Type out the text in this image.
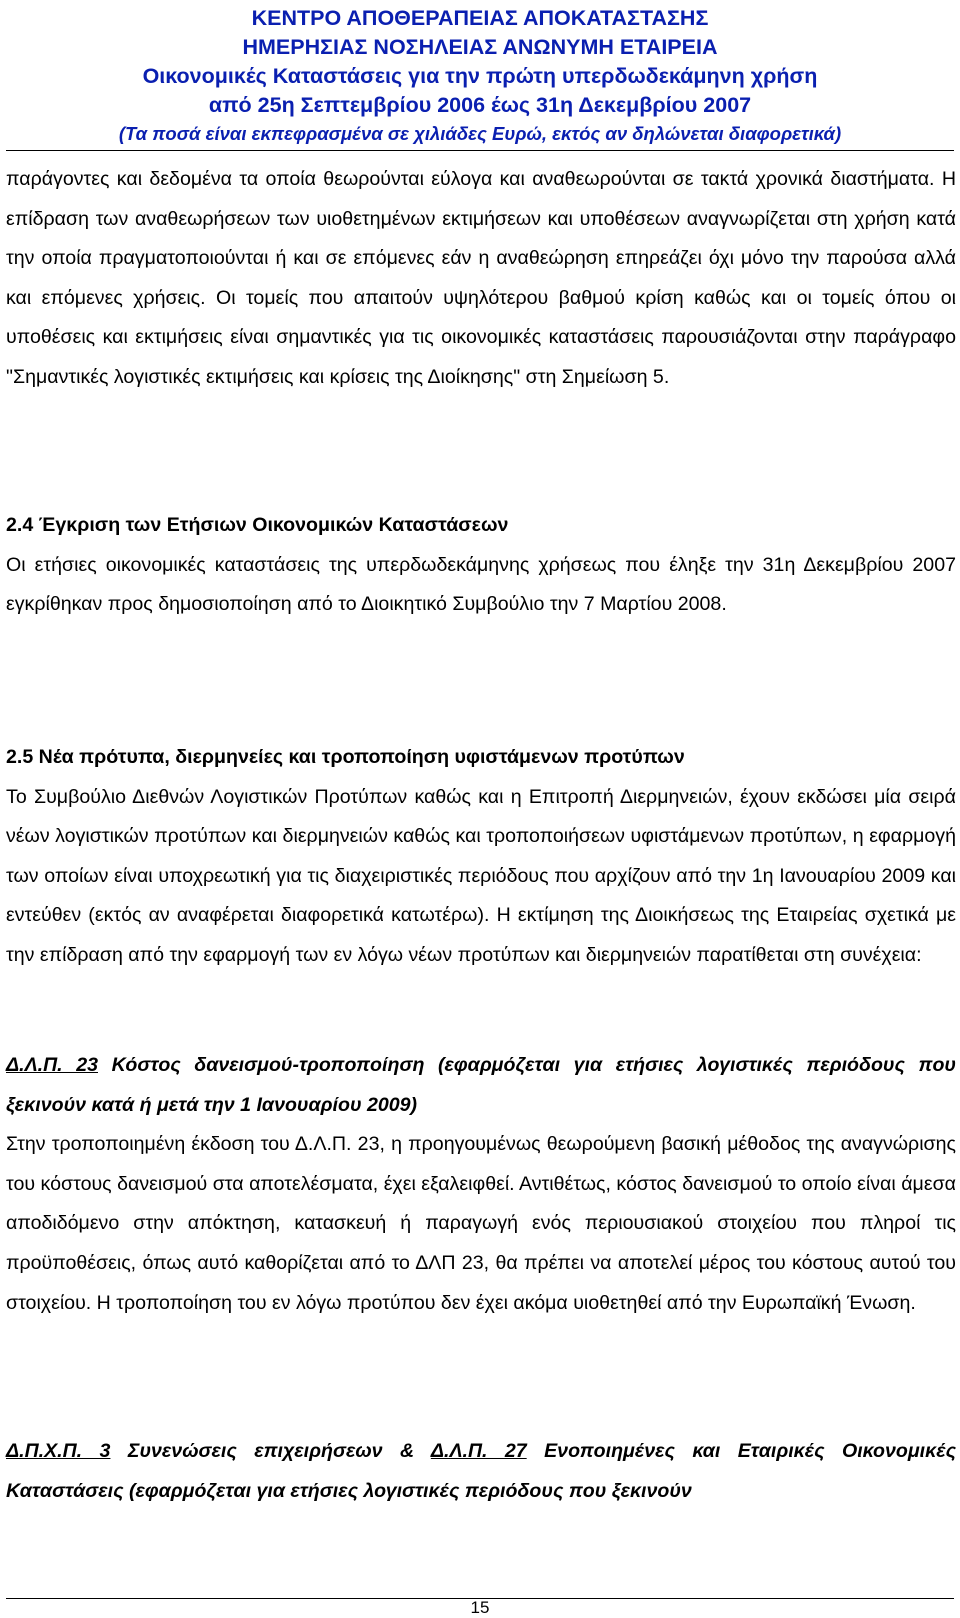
ΚΕΝΤΡΟ ΑΠΟΘΕΡΑΠΕΙΑΣ ΑΠΟΚΑΤΑΣΤΑΣΗΣ
ΗΜΕΡΗΣΙΑΣ ΝΟΣΗΛΕΙΑΣ ΑΝΩΝΥΜΗ ΕΤΑΙΡΕΙΑ
Οικονομικές Καταστάσεις για την πρώτη υπερδωδεκάμηνη χρήση
από 25η Σεπτεμβρίου 2006 έως 31η Δεκεμβρίου 2007
(Τα ποσά είναι εκπεφρασμένα σε χιλιάδες Ευρώ, εκτός αν δηλώνεται διαφορετικά)

παράγοντες και δεδομένα τα οποία θεωρούνται εύλογα και αναθεωρούνται σε τακτά χρονικά διαστήματα. Η επίδραση των αναθεωρήσεων των υιοθετημένων εκτιμήσεων και υποθέσεων αναγνωρίζεται στη χρήση κατά την οποία πραγματοποιούνται ή και σε επόμενες εάν η αναθεώρηση επηρεάζει όχι μόνο την παρούσα αλλά και επόμενες χρήσεις. Οι τομείς που απαιτούν υψηλότερου βαθμού κρίση καθώς και οι τομείς όπου οι υποθέσεις και εκτιμήσεις είναι σημαντικές για τις οικονομικές καταστάσεις παρουσιάζονται στην παράγραφο "Σημαντικές λογιστικές εκτιμήσεις και κρίσεις της Διοίκησης" στη Σημείωση 5.

2.4 Έγκριση των Ετήσιων Οικονομικών Καταστάσεων

Οι ετήσιες οικονομικές καταστάσεις της υπερδωδεκάμηνης χρήσεως που έληξε την 31η Δεκεμβρίου 2007 εγκρίθηκαν προς δημοσιοποίηση από το Διοικητικό Συμβούλιο την 7 Μαρτίου 2008.

2.5 Νέα πρότυπα, διερμηνείες και τροποποίηση υφιστάμενων προτύπων

Το Συμβούλιο Διεθνών Λογιστικών Προτύπων καθώς και η Επιτροπή Διερμηνειών, έχουν εκδώσει μία σειρά νέων λογιστικών προτύπων και διερμηνειών καθώς και τροποποιήσεων υφιστάμενων προτύπων, η εφαρμογή των οποίων είναι υποχρεωτική για τις διαχειριστικές περιόδους που αρχίζουν από την 1η Ιανουαρίου 2009 και εντεύθεν (εκτός αν αναφέρεται διαφορετικά κατωτέρω). Η εκτίμηση της Διοικήσεως της Εταιρείας σχετικά με την επίδραση από την εφαρμογή των εν λόγω νέων προτύπων και διερμηνειών παρατίθεται στη συνέχεια:

Δ.Λ.Π. 23 Κόστος δανεισμού-τροποποίηση (εφαρμόζεται για ετήσιες λογιστικές περιόδους που ξεκινούν κατά ή μετά την 1 Ιανουαρίου 2009)

Στην τροποποιημένη έκδοση του Δ.Λ.Π. 23, η προηγουμένως θεωρούμενη βασική μέθοδος της αναγνώρισης του κόστους δανεισμού στα αποτελέσματα, έχει εξαλειφθεί. Αντιθέτως, κόστος δανεισμού το οποίο είναι άμεσα αποδιδόμενο στην απόκτηση, κατασκευή ή παραγωγή ενός περιουσιακού στοιχείου που πληροί τις προϋποθέσεις, όπως αυτό καθορίζεται από το ΔΛΠ 23, θα πρέπει να αποτελεί μέρος του κόστους αυτού του στοιχείου. Η τροποποίηση του εν λόγω προτύπου δεν έχει ακόμα υιοθετηθεί από την Ευρωπαϊκή Ένωση.

Δ.Π.Χ.Π. 3 Συνενώσεις επιχειρήσεων & Δ.Λ.Π. 27 Ενοποιημένες και Εταιρικές Οικονομικές Καταστάσεις (εφαρμόζεται για ετήσιες λογιστικές περιόδους που ξεκινούν

15
